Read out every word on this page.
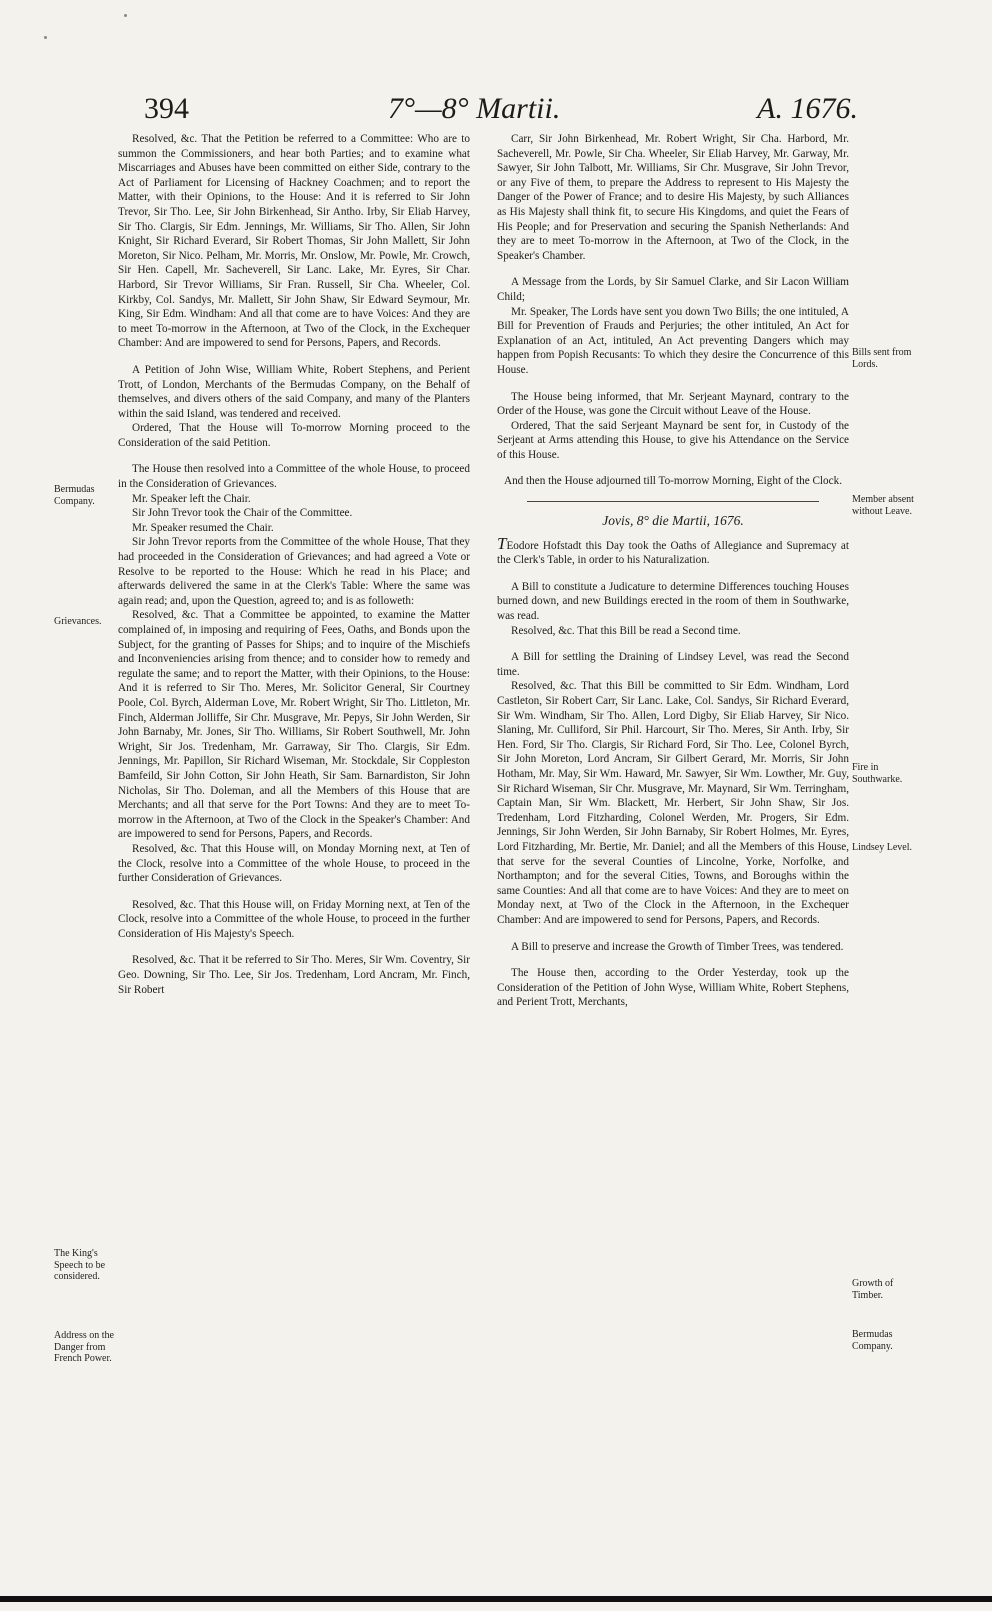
394	7°—8° Martii.	A. 1676.

Resolved, &c. That the Petition be referred to a Committee: Who are to summon the Commissioners, and hear both Parties; and to examine what Miscarriages and Abuses have been committed on either Side, contrary to the Act of Parliament for Licensing of Hackney Coachmen; and to report the Matter, with their Opinions, to the House: And it is referred to Sir John Trevor, Sir Tho. Lee, Sir John Birkenhead, Sir Antho. Irby, Sir Eliab Harvey, Sir Tho. Clargis, Sir Edm. Jennings, Mr. Williams, Sir Tho. Allen, Sir John Knight, Sir Richard Everard, Sir Robert Thomas, Sir John Mallett, Sir John Moreton, Sir Nico. Pelham, Mr. Morris, Mr. Onslow, Mr. Powle, Mr. Crowch, Sir Hen. Capell, Mr. Sacheverell, Sir Lanc. Lake, Mr. Eyres, Sir Char. Harbord, Sir Trevor Williams, Sir Fran. Russell, Sir Cha. Wheeler, Col. Kirkby, Col. Sandys, Mr. Mallett, Sir John Shaw, Sir Edward Seymour, Mr. King, Sir Edm. Windham: And all that come are to have Voices: And they are to meet To-morrow in the Afternoon, at Two of the Clock, in the Exchequer Chamber: And are impowered to send for Persons, Papers, and Records.

A Petition of John Wise, William White, Robert Stephens, and Perient Trott, of London, Merchants of the Bermudas Company, on the Behalf of themselves, and divers others of the said Company, and many of the Planters within the said Island, was tendered and received.

Ordered, That the House will To-morrow Morning proceed to the Consideration of the said Petition.

The House then resolved into a Committee of the whole House, to proceed in the Consideration of Grievances.

Mr. Speaker left the Chair.

Sir John Trevor took the Chair of the Committee.

Mr. Speaker resumed the Chair.

Sir John Trevor reports from the Committee of the whole House, That they had proceeded in the Consideration of Grievances; and had agreed a Vote or Resolve to be reported to the House: Which he read in his Place; and afterwards delivered the same in at the Clerk's Table: Where the same was again read; and, upon the Question, agreed to; and is as followeth:

Resolved, &c. That a Committee be appointed, to examine the Matter complained of, in imposing and requiring of Fees, Oaths, and Bonds upon the Subject, for the granting of Passes for Ships; and to inquire of the Mischiefs and Inconveniencies arising from thence; and to consider how to remedy and regulate the same; and to report the Matter, with their Opinions, to the House: And it is referred to Sir Tho. Meres, Mr. Solicitor General, Sir Courtney Poole, Col. Byrch, Alderman Love, Mr. Robert Wright, Sir Tho. Littleton, Mr. Finch, Alderman Jolliffe, Sir Chr. Musgrave, Mr. Pepys, Sir John Werden, Sir John Barnaby, Mr. Jones, Sir Tho. Williams, Sir Robert Southwell, Mr. John Wright, Sir Jos. Tredenham, Mr. Garraway, Sir Tho. Clargis, Sir Edm. Jennings, Mr. Papillon, Sir Richard Wiseman, Mr. Stockdale, Sir Coppleston Bamfeild, Sir John Cotton, Sir John Heath, Sir Sam. Barnardiston, Sir John Nicholas, Sir Tho. Doleman, and all the Members of this House that are Merchants; and all that serve for the Port Towns: And they are to meet To-morrow in the Afternoon, at Two of the Clock in the Speaker's Chamber: And are impowered to send for Persons, Papers, and Records.

Resolved, &c. That this House will, on Monday Morning next, at Ten of the Clock, resolve into a Committee of the whole House, to proceed in the further Consideration of Grievances.

Resolved, &c. That this House will, on Friday Morning next, at Ten of the Clock, resolve into a Committee of the whole House, to proceed in the further Consideration of His Majesty's Speech.

Resolved, &c. That it be referred to Sir Tho. Meres, Sir Wm. Coventry, Sir Geo. Downing, Sir Tho. Lee, Sir Jos. Tredenham, Lord Ancram, Mr. Finch, Sir Robert

Carr, Sir John Birkenhead, Mr. Robert Wright, Sir Cha. Harbord, Mr. Sacheverell, Mr. Powle, Sir Cha. Wheeler, Sir Eliab Harvey, Mr. Garway, Mr. Sawyer, Sir John Talbott, Mr. Williams, Sir Chr. Musgrave, Sir John Trevor, or any Five of them, to prepare the Address to represent to His Majesty the Danger of the Power of France; and to desire His Majesty, by such Alliances as His Majesty shall think fit, to secure His Kingdoms, and quiet the Fears of His People; and for Preservation and securing the Spanish Netherlands: And they are to meet To-morrow in the Afternoon, at Two of the Clock, in the Speaker's Chamber.

A Message from the Lords, by Sir Samuel Clarke, and Sir Lacon William Child;

Mr. Speaker, The Lords have sent you down Two Bills; the one intituled, A Bill for Prevention of Frauds and Perjuries; the other intituled, An Act for Explanation of an Act, intituled, An Act preventing Dangers which may happen from Popish Recusants: To which they desire the Concurrence of this House.

The House being informed, that Mr. Serjeant Maynard, contrary to the Order of the House, was gone the Circuit without Leave of the House.

Ordered, That the said Serjeant Maynard be sent for, in Custody of the Serjeant at Arms attending this House, to give his Attendance on the Service of this House.

And then the House adjourned till To-morrow Morning, Eight of the Clock.

Jovis, 8° die Martii, 1676.

TEodore Hofstadt this Day took the Oaths of Allegiance and Supremacy at the Clerk's Table, in order to his Naturalization.

A Bill to constitute a Judicature to determine Differences touching Houses burned down, and new Buildings erected in the room of them in Southwarke, was read.

Resolved, &c. That this Bill be read a Second time.

A Bill for settling the Draining of Lindsey Level, was read the Second time.

Resolved, &c. That this Bill be committed to Sir Edm. Windham, Lord Castleton, Sir Robert Carr, Sir Lanc. Lake, Col. Sandys, Sir Richard Everard, Sir Wm. Windham, Sir Tho. Allen, Lord Digby, Sir Eliab Harvey, Sir Nico. Slaning, Mr. Culliford, Sir Phil. Harcourt, Sir Tho. Meres, Sir Anth. Irby, Sir Hen. Ford, Sir Tho. Clargis, Sir Richard Ford, Sir Tho. Lee, Colonel Byrch, Sir John Moreton, Lord Ancram, Sir Gilbert Gerard, Mr. Morris, Sir John Hotham, Mr. May, Sir Wm. Haward, Mr. Sawyer, Sir Wm. Lowther, Mr. Guy, Sir Richard Wiseman, Sir Chr. Musgrave, Mr. Maynard, Sir Wm. Terringham, Captain Man, Sir Wm. Blackett, Mr. Herbert, Sir John Shaw, Sir Jos. Tredenham, Lord Fitzharding, Colonel Werden, Mr. Progers, Sir Edm. Jennings, Sir John Werden, Sir John Barnaby, Sir Robert Holmes, Mr. Eyres, Lord Fitzharding, Mr. Bertie, Mr. Daniel; and all the Members of this House, that serve for the several Counties of Lincolne, Yorke, Norfolke, and Northampton; and for the several Cities, Towns, and Boroughs within the same Counties: And all that come are to have Voices: And they are to meet on Monday next, at Two of the Clock in the Afternoon, in the Exchequer Chamber: And are impowered to send for Persons, Papers, and Records.

A Bill to preserve and increase the Growth of Timber Trees, was tendered.

The House then, according to the Order Yesterday, took up the Consideration of the Petition of John Wyse, William White, Robert Stephens, and Perient Trott, Merchants,

Bermudas Company.
Grievances.
The King's Speech to be considered.
Address on the Danger from French Power.
Bills sent from Lords.
Member absent without Leave.
Fire in Southwarke.
Lindsey Level.
Growth of Timber.
Bermudas Company.
